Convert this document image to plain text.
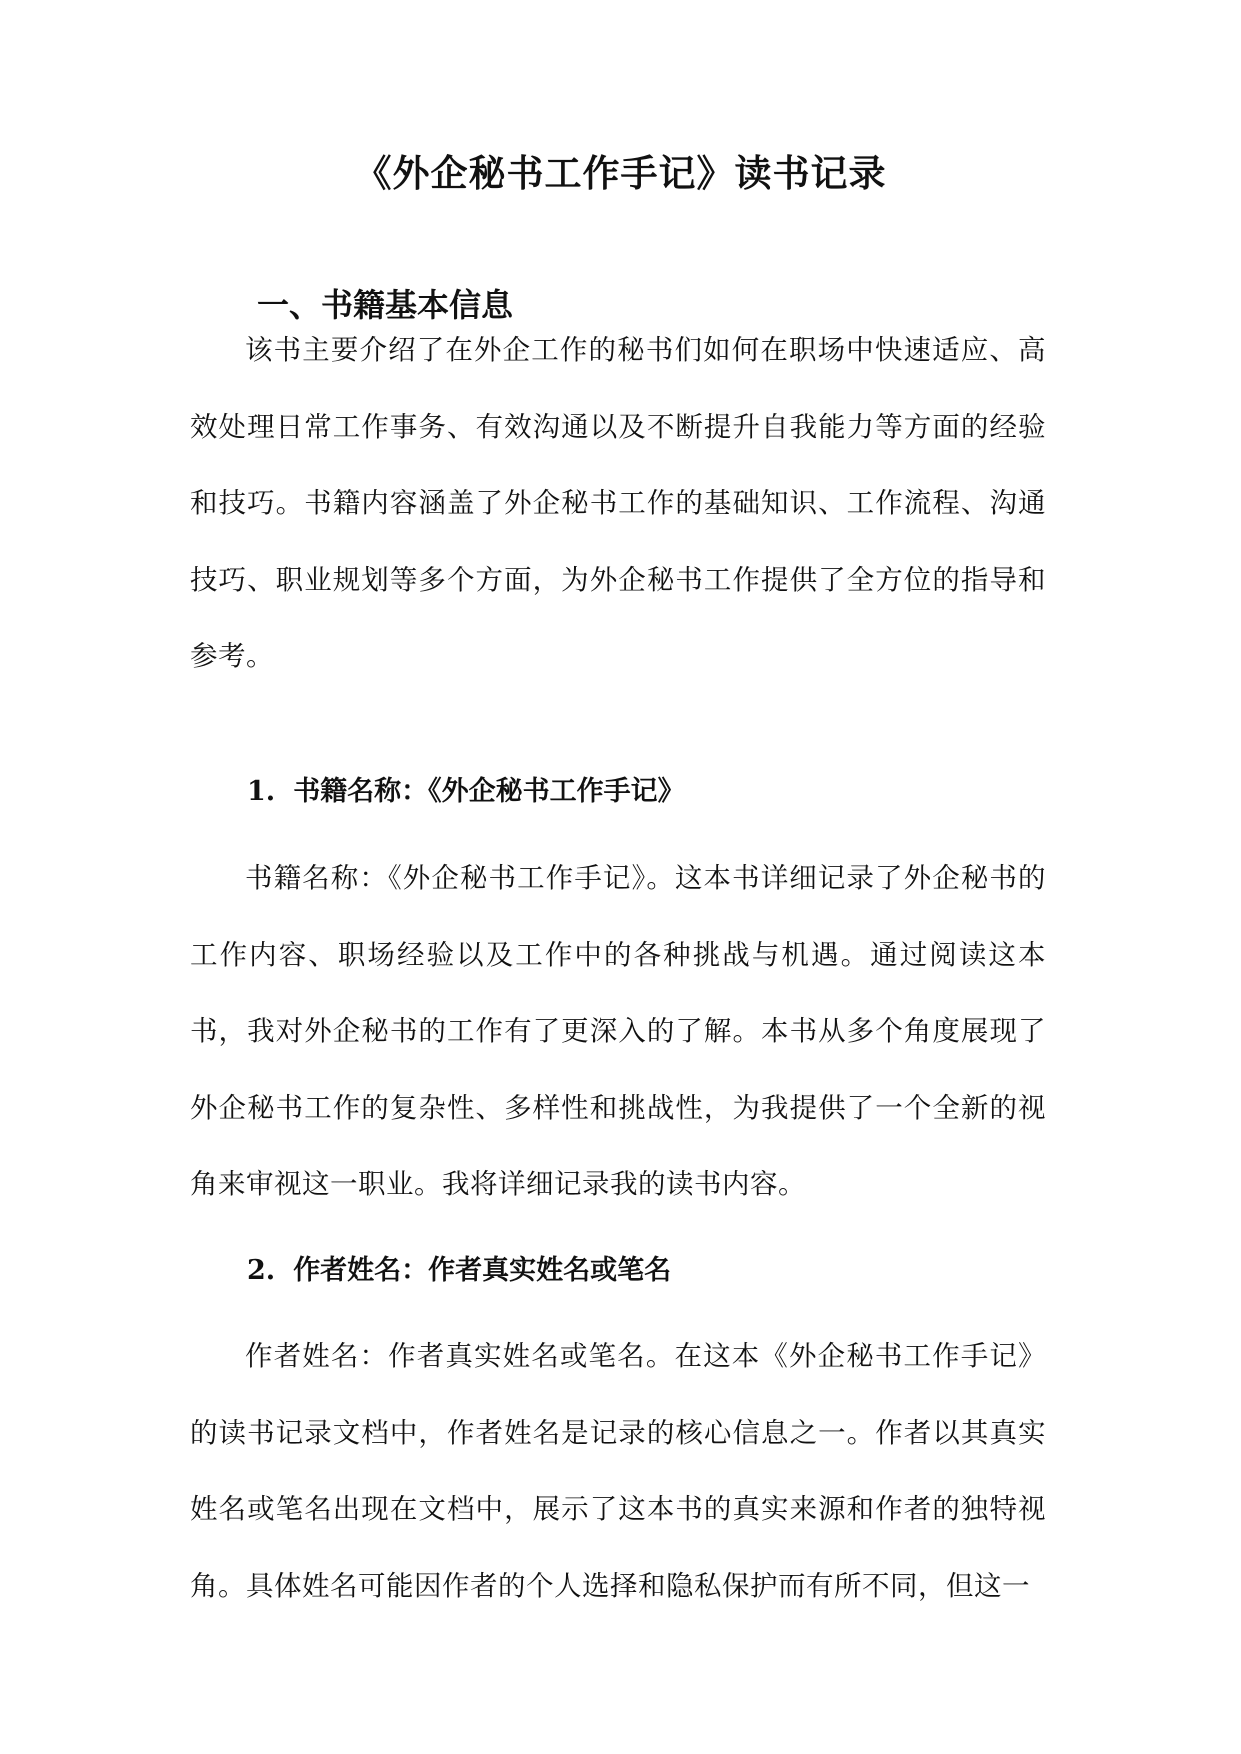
《外企秘书工作手记》读书记录
一、书籍基本信息

该书主要介绍了在外企工作的秘书们如何在职场中快速适应、高效处理日常工作事务、有效沟通以及不断提升自我能力等方面的经验和技巧。书籍内容涵盖了外企秘书工作的基础知识、工作流程、沟通技巧、职业规划等多个方面，为外企秘书工作提供了全方位的指导和参考。

1. 书籍名称：《外企秘书工作手记》

书籍名称：《外企秘书工作手记》。这本书详细记录了外企秘书的工作内容、职场经验以及工作中的各种挑战与机遇。通过阅读这本书，我对外企秘书的工作有了更深入的了解。本书从多个角度展现了外企秘书工作的复杂性、多样性和挑战性，为我提供了一个全新的视角来审视这一职业。我将详细记录我的读书内容。

2. 作者姓名：作者真实姓名或笔名

作者姓名：作者真实姓名或笔名。在这本《外企秘书工作手记》的读书记录文档中，作者姓名是记录的核心信息之一。作者以其真实姓名或笔名出现在文档中，展示了这本书的真实来源和作者的独特视角。具体姓名可能因作者的个人选择和隐私保护而有所不同，但这一
